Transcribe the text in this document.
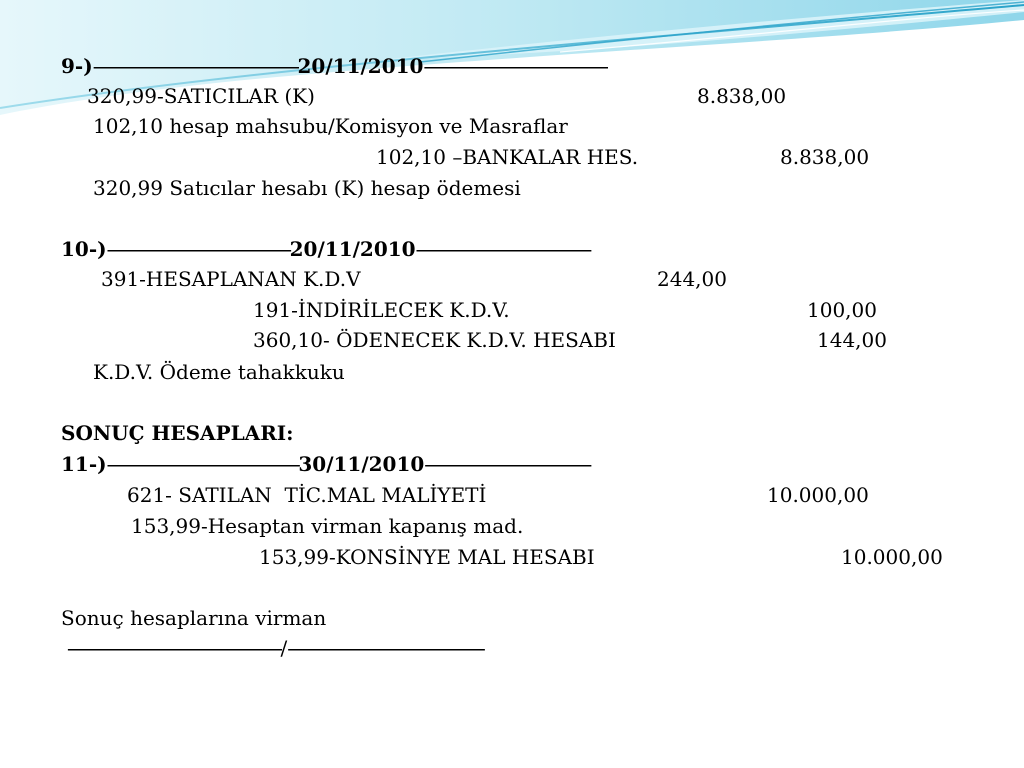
9-)-----------------------------------------------20/11/2010------------------------------------------
320,99-SATICILAR (K)	8.838,00
102,10 hesap mahsubu/Komisyon ve Masraflar
102,10 –BANKALAR HES.	8.838,00
320,99 Satıcılar hesabı (K) hesap ödemesi
10-)------------------------------------------20/11/2010----------------------------------------
391-HESAPLANAN K.D.V	244,00
191-İNDİRİLECEK K.D.V.	100,00
360,10- ÖDENECEK K.D.V. HESABI	144,00
K.D.V. Ödeme tahakkuku
SONUÇ HESAPLARI:
11-)--------------------------------------------30/11/2010--------------------------------------
621- SATILAN  TİC.MAL MALİYETİ	10.000,00
153,99-Hesaptan virman kapanış mad.
153,99-KONSİNYE MAL HESABI	10.000,00
Sonuç hesaplarına virman
-------------------------------------------------/---------------------------------------------
